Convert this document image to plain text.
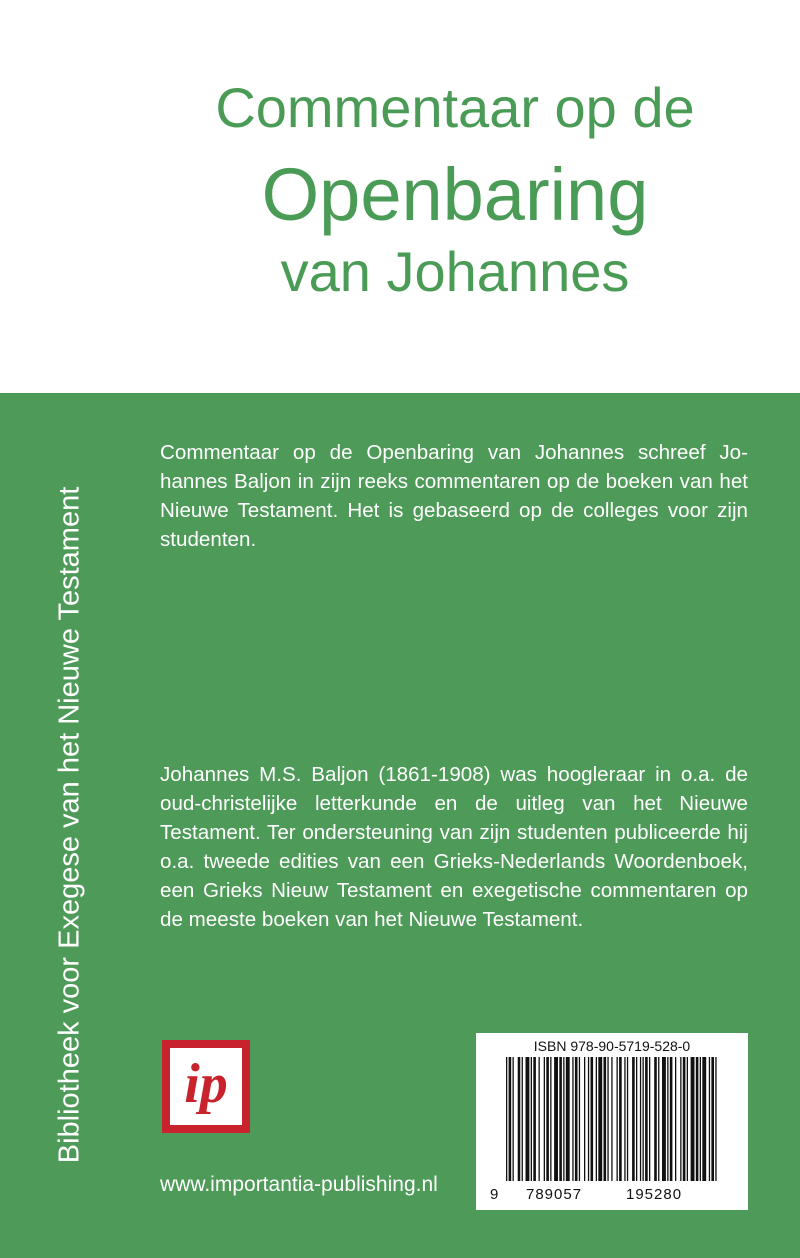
Commentaar op de
Openbaring
van Johannes
Bibliotheek voor Exegese van het Nieuwe Testament
Commentaar op de Openbaring van Johannes schreef Johannes Baljon in zijn reeks commentaren op de boeken van het Nieuwe Testament. Het is gebaseerd op de colleges voor zijn studenten.
Johannes M.S. Baljon (1861-1908) was hoogleraar in o.a. de oud-christelijke letterkunde en de uitleg van het Nieuwe Testament. Ter ondersteuning van zijn studenten publiceerde hij o.a. tweede edities van een Grieks-Nederlands Woordenboek, een Grieks Nieuw Testament en exegetische commentaren op de meeste boeken van het Nieuwe Testament.
ip
www.importantia-publishing.nl
ISBN 978-90-5719-528-0
9 789057	195280
